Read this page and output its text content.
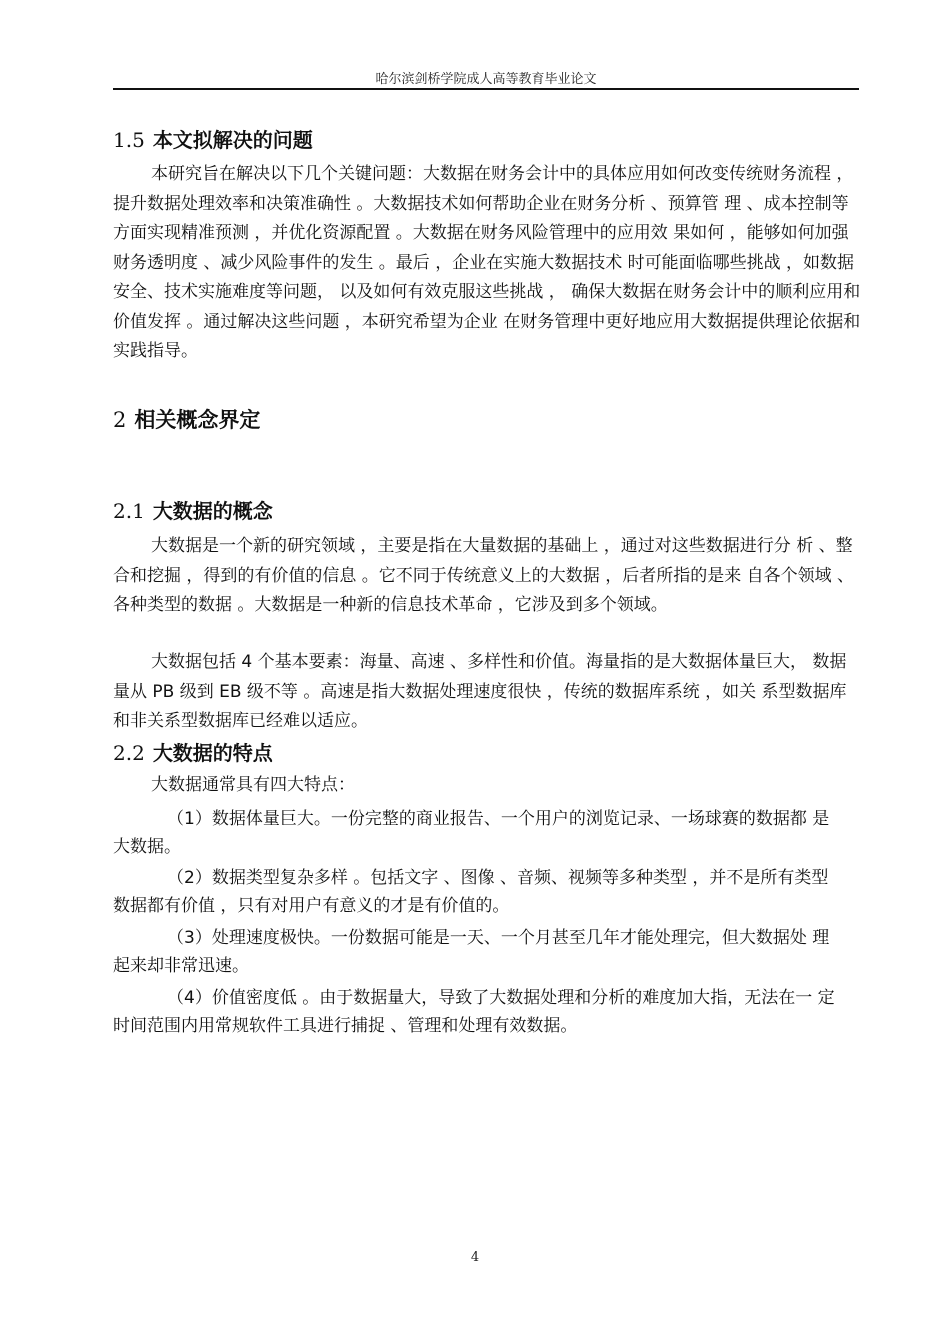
哈尔滨剑桥学院成人高等教育毕业论文
1.5 本文拟解决的问题

本研究旨在解决以下几个关键问题：大数据在财务会计中的具体应用如何改变传统财务流程 ，提升数据处理效率和决策准确性 。大数据技术如何帮助企业在财务分析 、预算管 理 、成本控制等方面实现精准预测 ，并优化资源配置 。大数据在财务风险管理中的应用效 果如何 ，能够如何加强财务透明度 、减少风险事件的发生 。最后 ，企业在实施大数据技术 时可能面临哪些挑战 ，如数据安全、技术实施难度等问题， 以及如何有效克服这些挑战 ， 确保大数据在财务会计中的顺利应用和价值发挥 。通过解决这些问题 ，本研究希望为企业 在财务管理中更好地应用大数据提供理论依据和实践指导。

2 相关概念界定
2.1 大数据的概念

大数据是一个新的研究领域 ，主要是指在大量数据的基础上 ，通过对这些数据进行分 析 、整合和挖掘 ，得到的有价值的信息 。它不同于传统意义上的大数据 ，后者所指的是来 自各个领域 、各种类型的数据 。大数据是一种新的信息技术革命 ，它涉及到多个领域。

大数据包括 4 个基本要素：海量、高速 、多样性和价值。海量指的是大数据体量巨大， 数据量从 PB 级到 EB 级不等 。高速是指大数据处理速度很快 ，传统的数据库系统 ，如关 系型数据库和非关系型数据库已经难以适应。

2.2 大数据的特点

大数据通常具有四大特点：

（1）数据体量巨大。一份完整的商业报告、一个用户的浏览记录、一场球赛的数据都 是大数据。

（2）数据类型复杂多样 。包括文字 、图像 、音频、视频等多种类型 ，并不是所有类型 数据都有价值 ，只有对用户有意义的才是有价值的。

（3）处理速度极快。一份数据可能是一天、一个月甚至几年才能处理完，但大数据处 理起来却非常迅速。

（4）价值密度低 。由于数据量大，导致了大数据处理和分析的难度加大指，无法在一 定时间范围内用常规软件工具进行捕捉 、管理和处理有效数据。

4
